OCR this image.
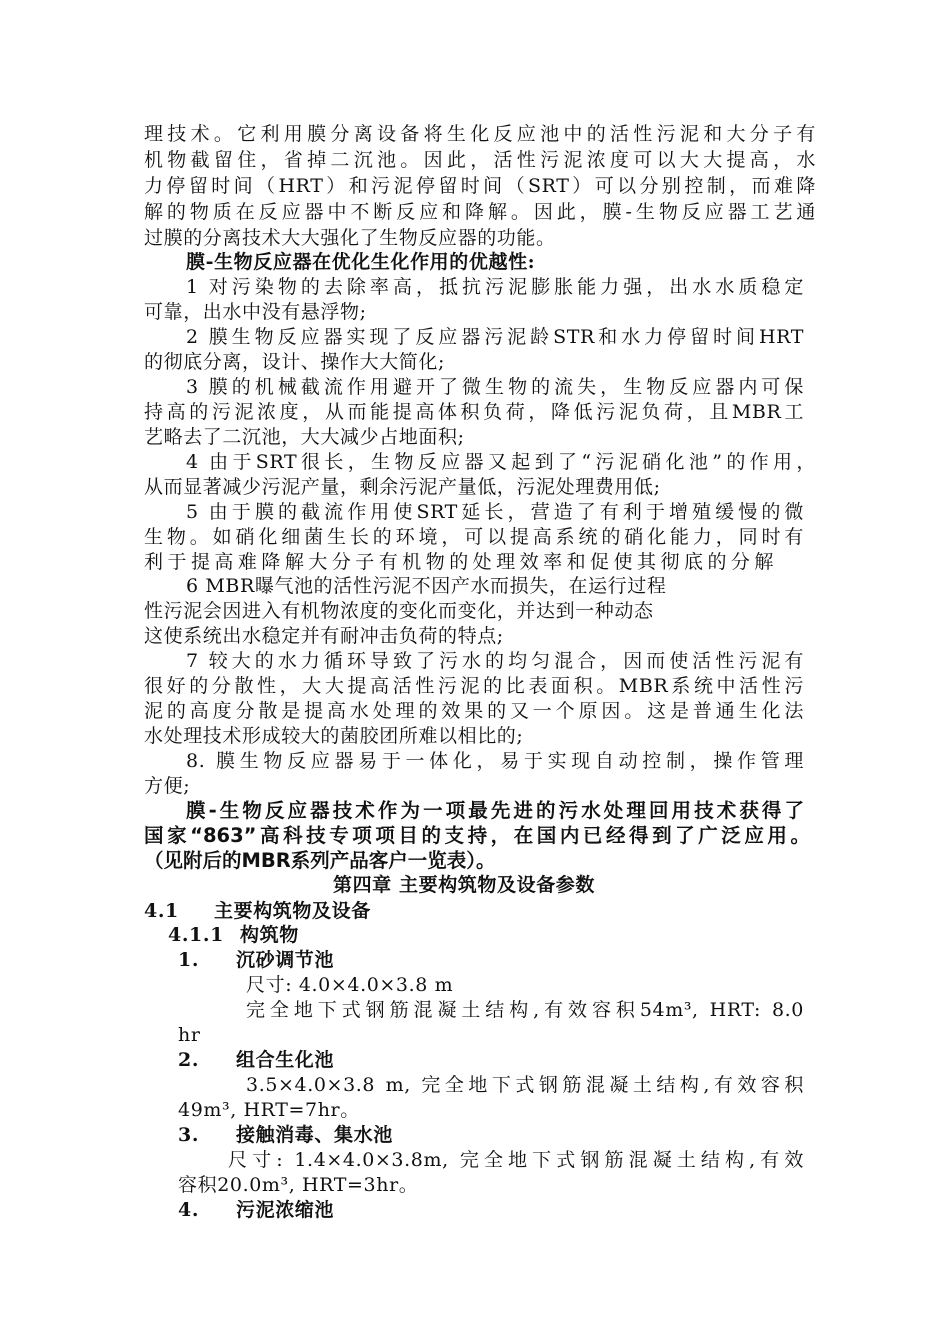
理技术。它利用膜分离设备将生化反应池中的活性污泥和大分子有
机物截留住，省掉二沉池。因此，活性污泥浓度可以大大提高，水
力停留时间（HRT）和污泥停留时间（SRT）可以分别控制，而难降
解的物质在反应器中不断反应和降解。因此，膜-生物反应器工艺通
过膜的分离技术大大强化了生物反应器的功能。
膜-生物反应器在优化生化作用的优越性:
1 对污染物的去除率高，抵抗污泥膨胀能力强，出水水质稳定
可靠，出水中没有悬浮物;
2 膜生物反应器实现了反应器污泥龄STR和水力停留时间HRT
的彻底分离，设计、操作大大简化;
3 膜的机械截流作用避开了微生物的流失，生物反应器内可保
持高的污泥浓度，从而能提高体积负荷，降低污泥负荷，且MBR工
艺略去了二沉池，大大减少占地面积;
4 由于SRT很长，生物反应器又起到了“污泥硝化池”的作用，
从而显著减少污泥产量，剩余污泥产量低，污泥处理费用低;
5 由于膜的截流作用使SRT延长，营造了有利于增殖缓慢的微
生物。如硝化细菌生长的环境，可以提高系统的硝化能力，同时有
利于提高难降解大分子有机物的处理效率和促使其彻底的分解
6 MBR曝气池的活性污泥不因产水而损失，在运行过程
性污泥会因进入有机物浓度的变化而变化，并达到一种动态
这使系统出水稳定并有耐冲击负荷的特点;
7 较大的水力循环导致了污水的均匀混合，因而使活性污泥有
很好的分散性，大大提高活性污泥的比表面积。MBR系统中活性污
泥的高度分散是提高水处理的效果的又一个原因。这是普通生化法
水处理技术形成较大的菌胶团所难以相比的;
8. 膜生物反应器易于一体化，易于实现自动控制，操作管理
方便;
膜-生物反应器技术作为一项最先进的污水处理回用技术获得了
国家“863”高科技专项项目的支持，在国内已经得到了广泛应用。
（见附后的MBR系列产品客户一览表）。
第四章 主要构筑物及设备参数
4.1 主要构筑物及设备
4.1.1 构筑物
1. 沉砂调节池
尺寸: 4.0×4.0×3.8 m
完全地下式钢筋混凝土结构,有效容积54m³, HRT: 8.0
hr
2. 组合生化池
3.5×4.0×3.8 m, 完全地下式钢筋混凝土结构,有效容积
49m³, HRT=7hr。
3. 接触消毒、集水池
尺寸: 1.4×4.0×3.8m, 完全地下式钢筋混凝土结构,有效
容积20.0m³, HRT=3hr。
4. 污泥浓缩池
